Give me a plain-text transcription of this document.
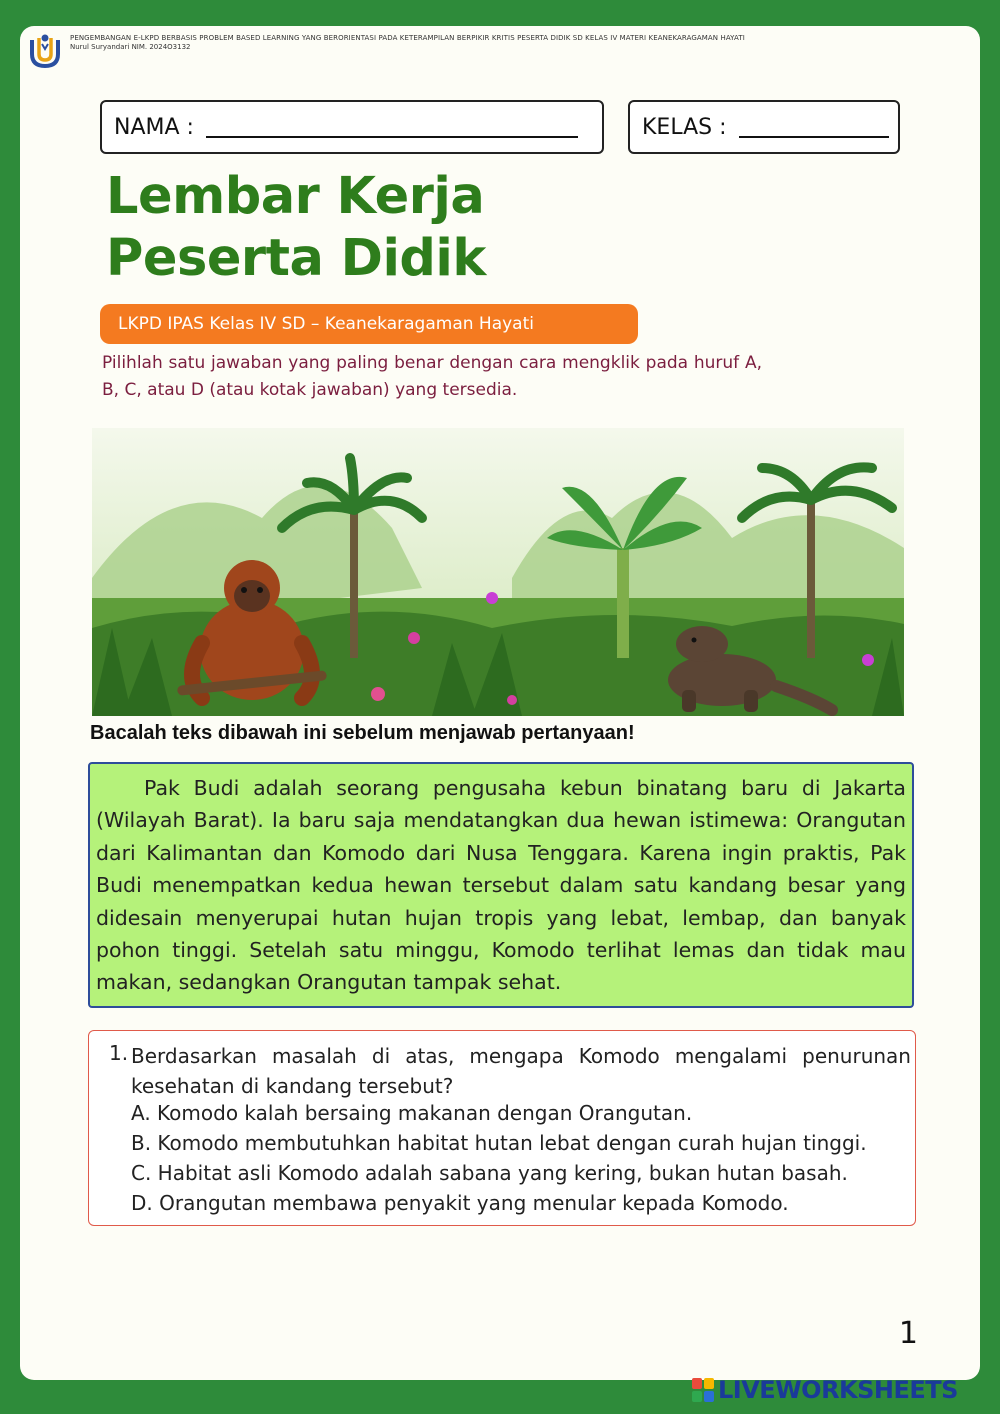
PENGEMBANGAN E-LKPD BERBASIS PROBLEM BASED LEARNING YANG BERORIENTASI PADA KETERAMPILAN BERPIKIR KRITIS PESERTA DIDIK SD KELAS IV MATERI KEANEKARAGAMAN HAYATI
Nurul Suryandari NIM. 2024O3132
NAMA :	KELAS :
Lembar Kerja
Peserta Didik
LKPD IPAS Kelas IV SD – Keanekaragaman Hayati
Pilihlah satu jawaban yang paling benar dengan cara mengklik pada huruf A, B, C, atau D (atau kotak jawaban) yang tersedia.
Bacalah teks dibawah ini sebelum menjawab pertanyaan!

Pak Budi adalah seorang pengusaha kebun binatang baru di Jakarta (Wilayah Barat). Ia baru saja mendatangkan dua hewan istimewa: Orangutan dari Kalimantan dan Komodo dari Nusa Tenggara. Karena ingin praktis, Pak Budi menempatkan kedua hewan tersebut dalam satu kandang besar yang didesain menyerupai hutan hujan tropis yang lebat, lembap, dan banyak pohon tinggi. Setelah satu minggu, Komodo terlihat lemas dan tidak mau makan, sedangkan Orangutan tampak sehat.

1. Berdasarkan masalah di atas, mengapa Komodo mengalami penurunan kesehatan di kandang tersebut?
A. Komodo kalah bersaing makanan dengan Orangutan.
B. Komodo membutuhkan habitat hutan lebat dengan curah hujan tinggi.
C. Habitat asli Komodo adalah sabana yang kering, bukan hutan basah.
D. Orangutan membawa penyakit yang menular kepada Komodo.
1
LIVEWORKSHEETS
